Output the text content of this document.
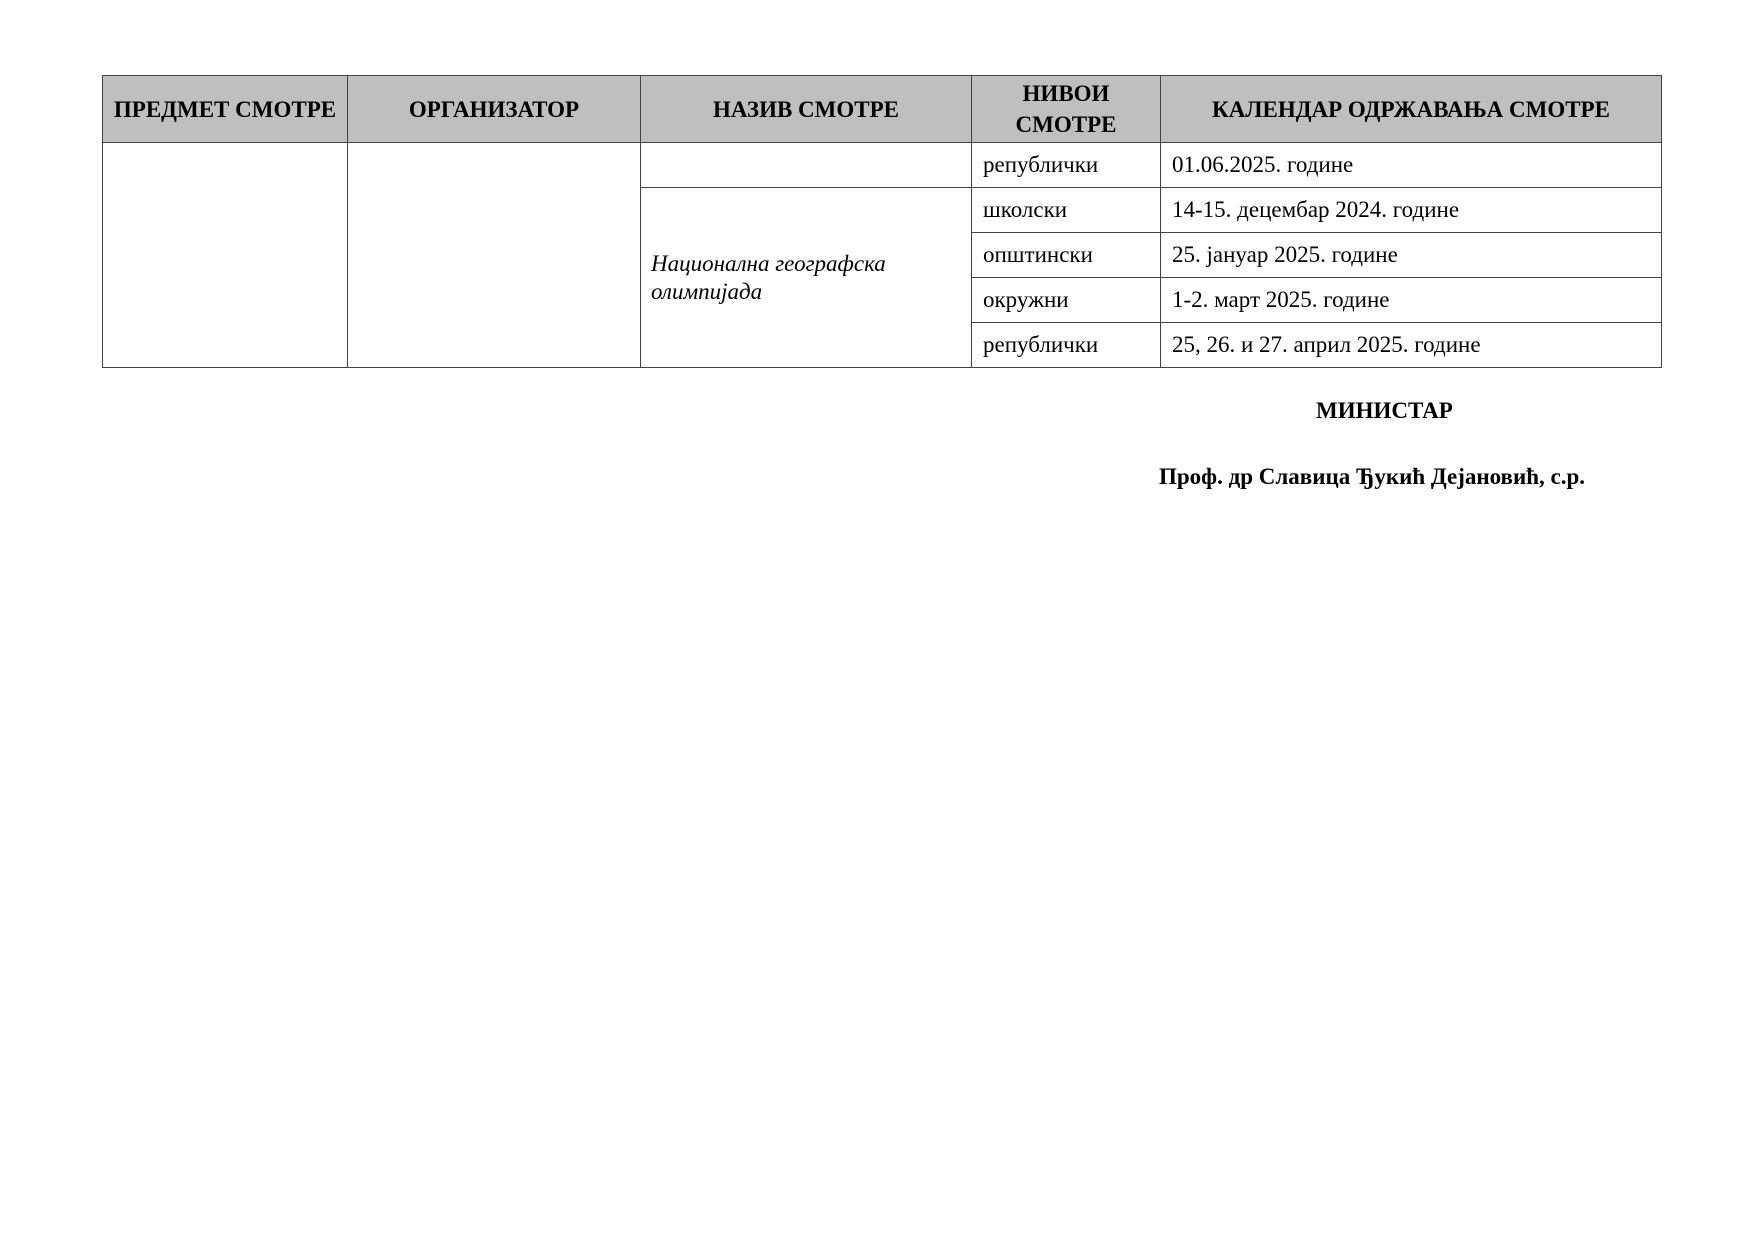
ПРЕДМЕТ СМОТРЕ	ОРГАНИЗАТОР	НАЗИВ СМОТРЕ	НИВОИ СМОТРЕ	КАЛЕНДАР ОДРЖАВАЊА СМОТРЕ
			републички	01.06.2025. године
		Национална географска олимпијада	школски	14-15. децембар 2024. године
			општински	25. јануар 2025. године
			окружни	1-2. март 2025. године
			републички	25, 26. и 27. април 2025. године
МИНИСТАР
Проф. др Славица Ђукић Дејановић, с.р.
